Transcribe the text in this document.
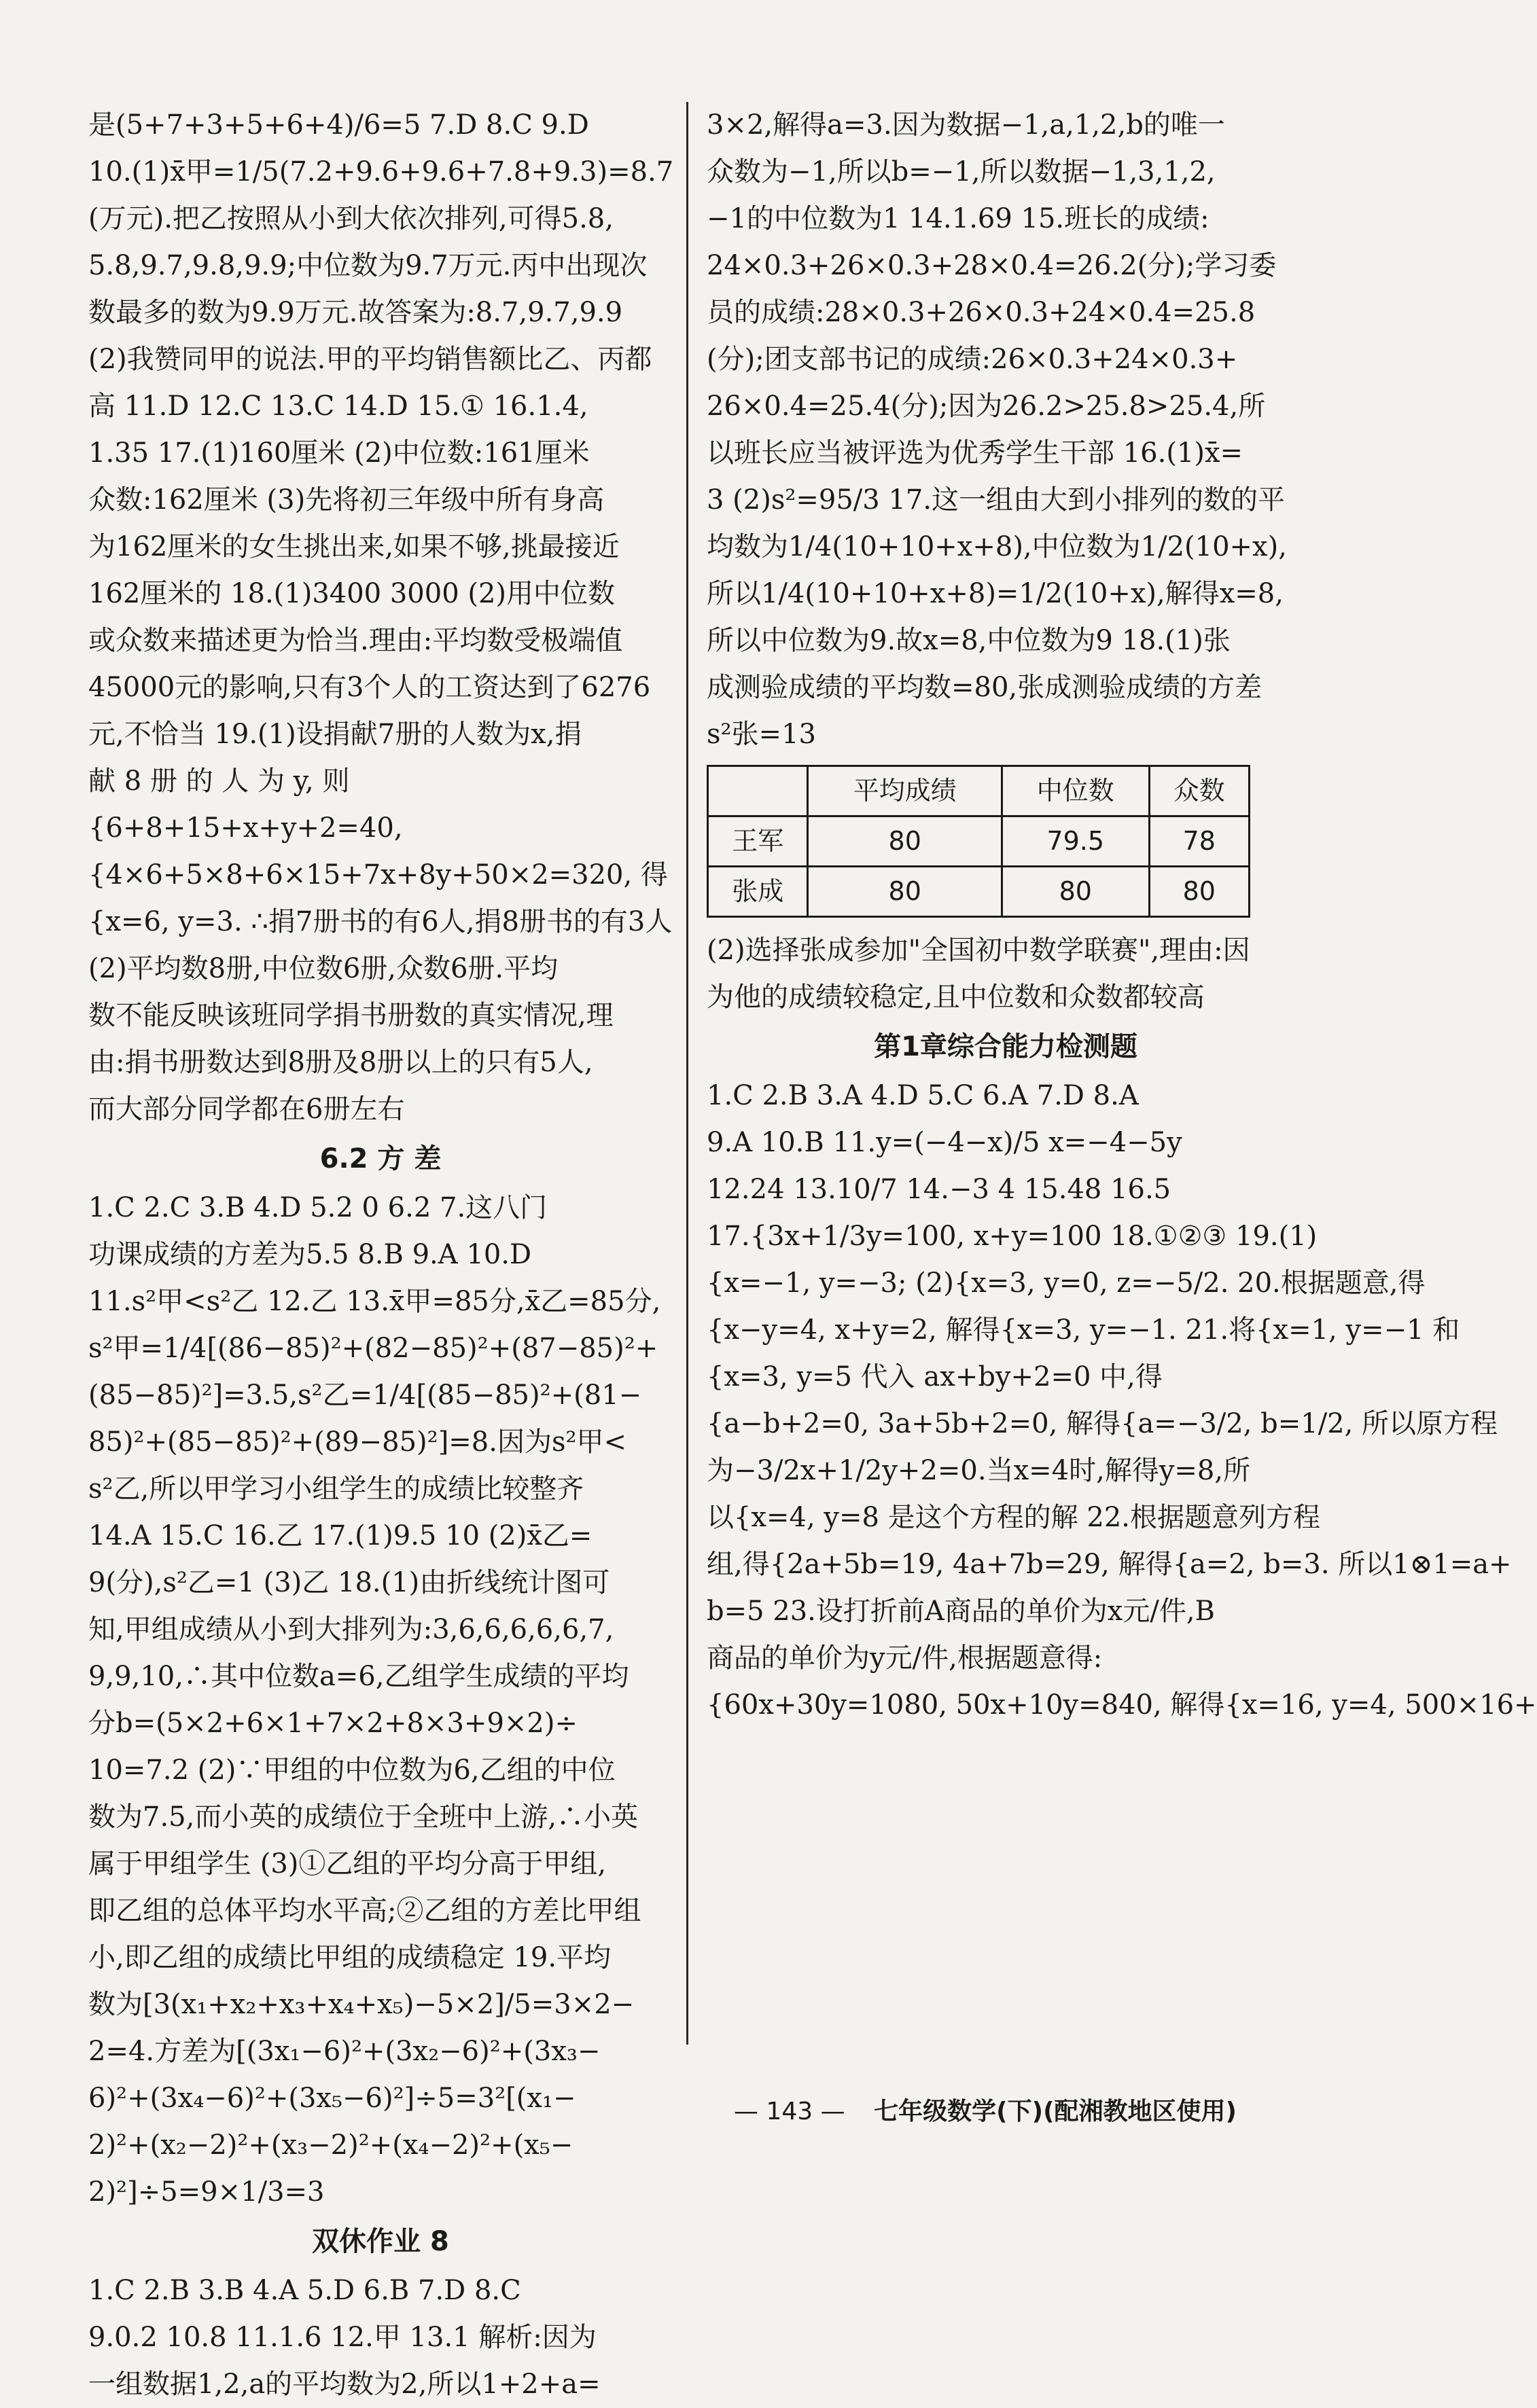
是(5+7+3+5+6+4)/6=5 7.D 8.C 9.D
10.(1)x̄甲=1/5(7.2+9.6+9.6+7.8+9.3)=8.7
(万元).把乙按照从小到大依次排列,可得5.8,
5.8,9.7,9.8,9.9;中位数为9.7万元.丙中出现次
数最多的数为9.9万元.故答案为:8.7,9.7,9.9
(2)我赞同甲的说法.甲的平均销售额比乙、丙都
高 11.D 12.C 13.C 14.D 15.① 16.1.4,
1.35 17.(1)160厘米 (2)中位数:161厘米
众数:162厘米 (3)先将初三年级中所有身高
为162厘米的女生挑出来,如果不够,挑最接近
162厘米的 18.(1)3400 3000 (2)用中位数
或众数来描述更为恰当.理由:平均数受极端值
45000元的影响,只有3个人的工资达到了6276
元,不恰当 19.(1)设捐献7册的人数为x,捐
献 8 册 的 人 为 y, 则
{6+8+15+x+y+2=40,
{4×6+5×8+6×15+7x+8y+50×2=320, 得
{x=6, y=3. ∴捐7册书的有6人,捐8册书的有3人
(2)平均数8册,中位数6册,众数6册.平均
数不能反映该班同学捐书册数的真实情况,理
由:捐书册数达到8册及8册以上的只有5人,
而大部分同学都在6册左右
6.2 方 差
1.C 2.C 3.B 4.D 5.2 0 6.2 7.这八门
功课成绩的方差为5.5 8.B 9.A 10.D
11.s²甲<s²乙 12.乙 13.x̄甲=85分,x̄乙=85分,
s²甲=1/4[(86−85)²+(82−85)²+(87−85)²+
(85−85)²]=3.5,s²乙=1/4[(85−85)²+(81−
85)²+(85−85)²+(89−85)²]=8.因为s²甲<
s²乙,所以甲学习小组学生的成绩比较整齐
14.A 15.C 16.乙 17.(1)9.5 10 (2)x̄乙=
9(分),s²乙=1 (3)乙 18.(1)由折线统计图可
知,甲组成绩从小到大排列为:3,6,6,6,6,6,7,
9,9,10,∴其中位数a=6,乙组学生成绩的平均
分b=(5×2+6×1+7×2+8×3+9×2)÷
10=7.2 (2)∵甲组的中位数为6,乙组的中位
数为7.5,而小英的成绩位于全班中上游,∴小英
属于甲组学生 (3)①乙组的平均分高于甲组,
即乙组的总体平均水平高;②乙组的方差比甲组
小,即乙组的成绩比甲组的成绩稳定 19.平均
数为[3(x₁+x₂+x₃+x₄+x₅)−5×2]/5=3×2−
2=4.方差为[(3x₁−6)²+(3x₂−6)²+(3x₃−
6)²+(3x₄−6)²+(3x₅−6)²]÷5=3²[(x₁−
2)²+(x₂−2)²+(x₃−2)²+(x₄−2)²+(x₅−
2)²]÷5=9×1/3=3
双休作业 8
1.C 2.B 3.B 4.A 5.D 6.B 7.D 8.C
9.0.2 10.8 11.1.6 12.甲 13.1 解析:因为
一组数据1,2,a的平均数为2,所以1+2+a=
3×2,解得a=3.因为数据−1,a,1,2,b的唯一
众数为−1,所以b=−1,所以数据−1,3,1,2,
−1的中位数为1 14.1.69 15.班长的成绩:
24×0.3+26×0.3+28×0.4=26.2(分);学习委
员的成绩:28×0.3+26×0.3+24×0.4=25.8
(分);团支部书记的成绩:26×0.3+24×0.3+
26×0.4=25.4(分);因为26.2>25.8>25.4,所
以班长应当被评选为优秀学生干部 16.(1)x̄=
3 (2)s²=95/3 17.这一组由大到小排列的数的平
均数为1/4(10+10+x+8),中位数为1/2(10+x),
所以1/4(10+10+x+8)=1/2(10+x),解得x=8,
所以中位数为9.故x=8,中位数为9 18.(1)张
成测验成绩的平均数=80,张成测验成绩的方差
s²张=13
	平均成绩	中位数	众数
王军	80	79.5	78
张成	80	80	80
(2)选择张成参加"全国初中数学联赛",理由:因
为他的成绩较稳定,且中位数和众数都较高
第1章综合能力检测题
1.C 2.B 3.A 4.D 5.C 6.A 7.D 8.A
9.A 10.B 11.y=(−4−x)/5 x=−4−5y
12.24 13.10/7 14.−3 4 15.48 16.5
17.{3x+1/3y=100, x+y=100 18.①②③ 19.(1)
{x=−1, y=−3; (2){x=3, y=0, z=−5/2. 20.根据题意,得
{x−y=4, x+y=2, 解得{x=3, y=−1. 21.将{x=1, y=−1 和
{x=3, y=5 代入 ax+by+2=0 中,得
{a−b+2=0, 3a+5b+2=0, 解得{a=−3/2, b=1/2, 所以原方程
为−3/2x+1/2y+2=0.当x=4时,解得y=8,所
以{x=4, y=8 是这个方程的解 22.根据题意列方程
组,得{2a+5b=19, 4a+7b=29, 解得{a=2, b=3. 所以1⊗1=a+
b=5 23.设打折前A商品的单价为x元/件,B
商品的单价为y元/件,根据题意得:
{60x+30y=1080, 50x+10y=840, 解得{x=16, y=4, 500×16+
— 143 — 七年级数学(下)(配湘教地区使用)
